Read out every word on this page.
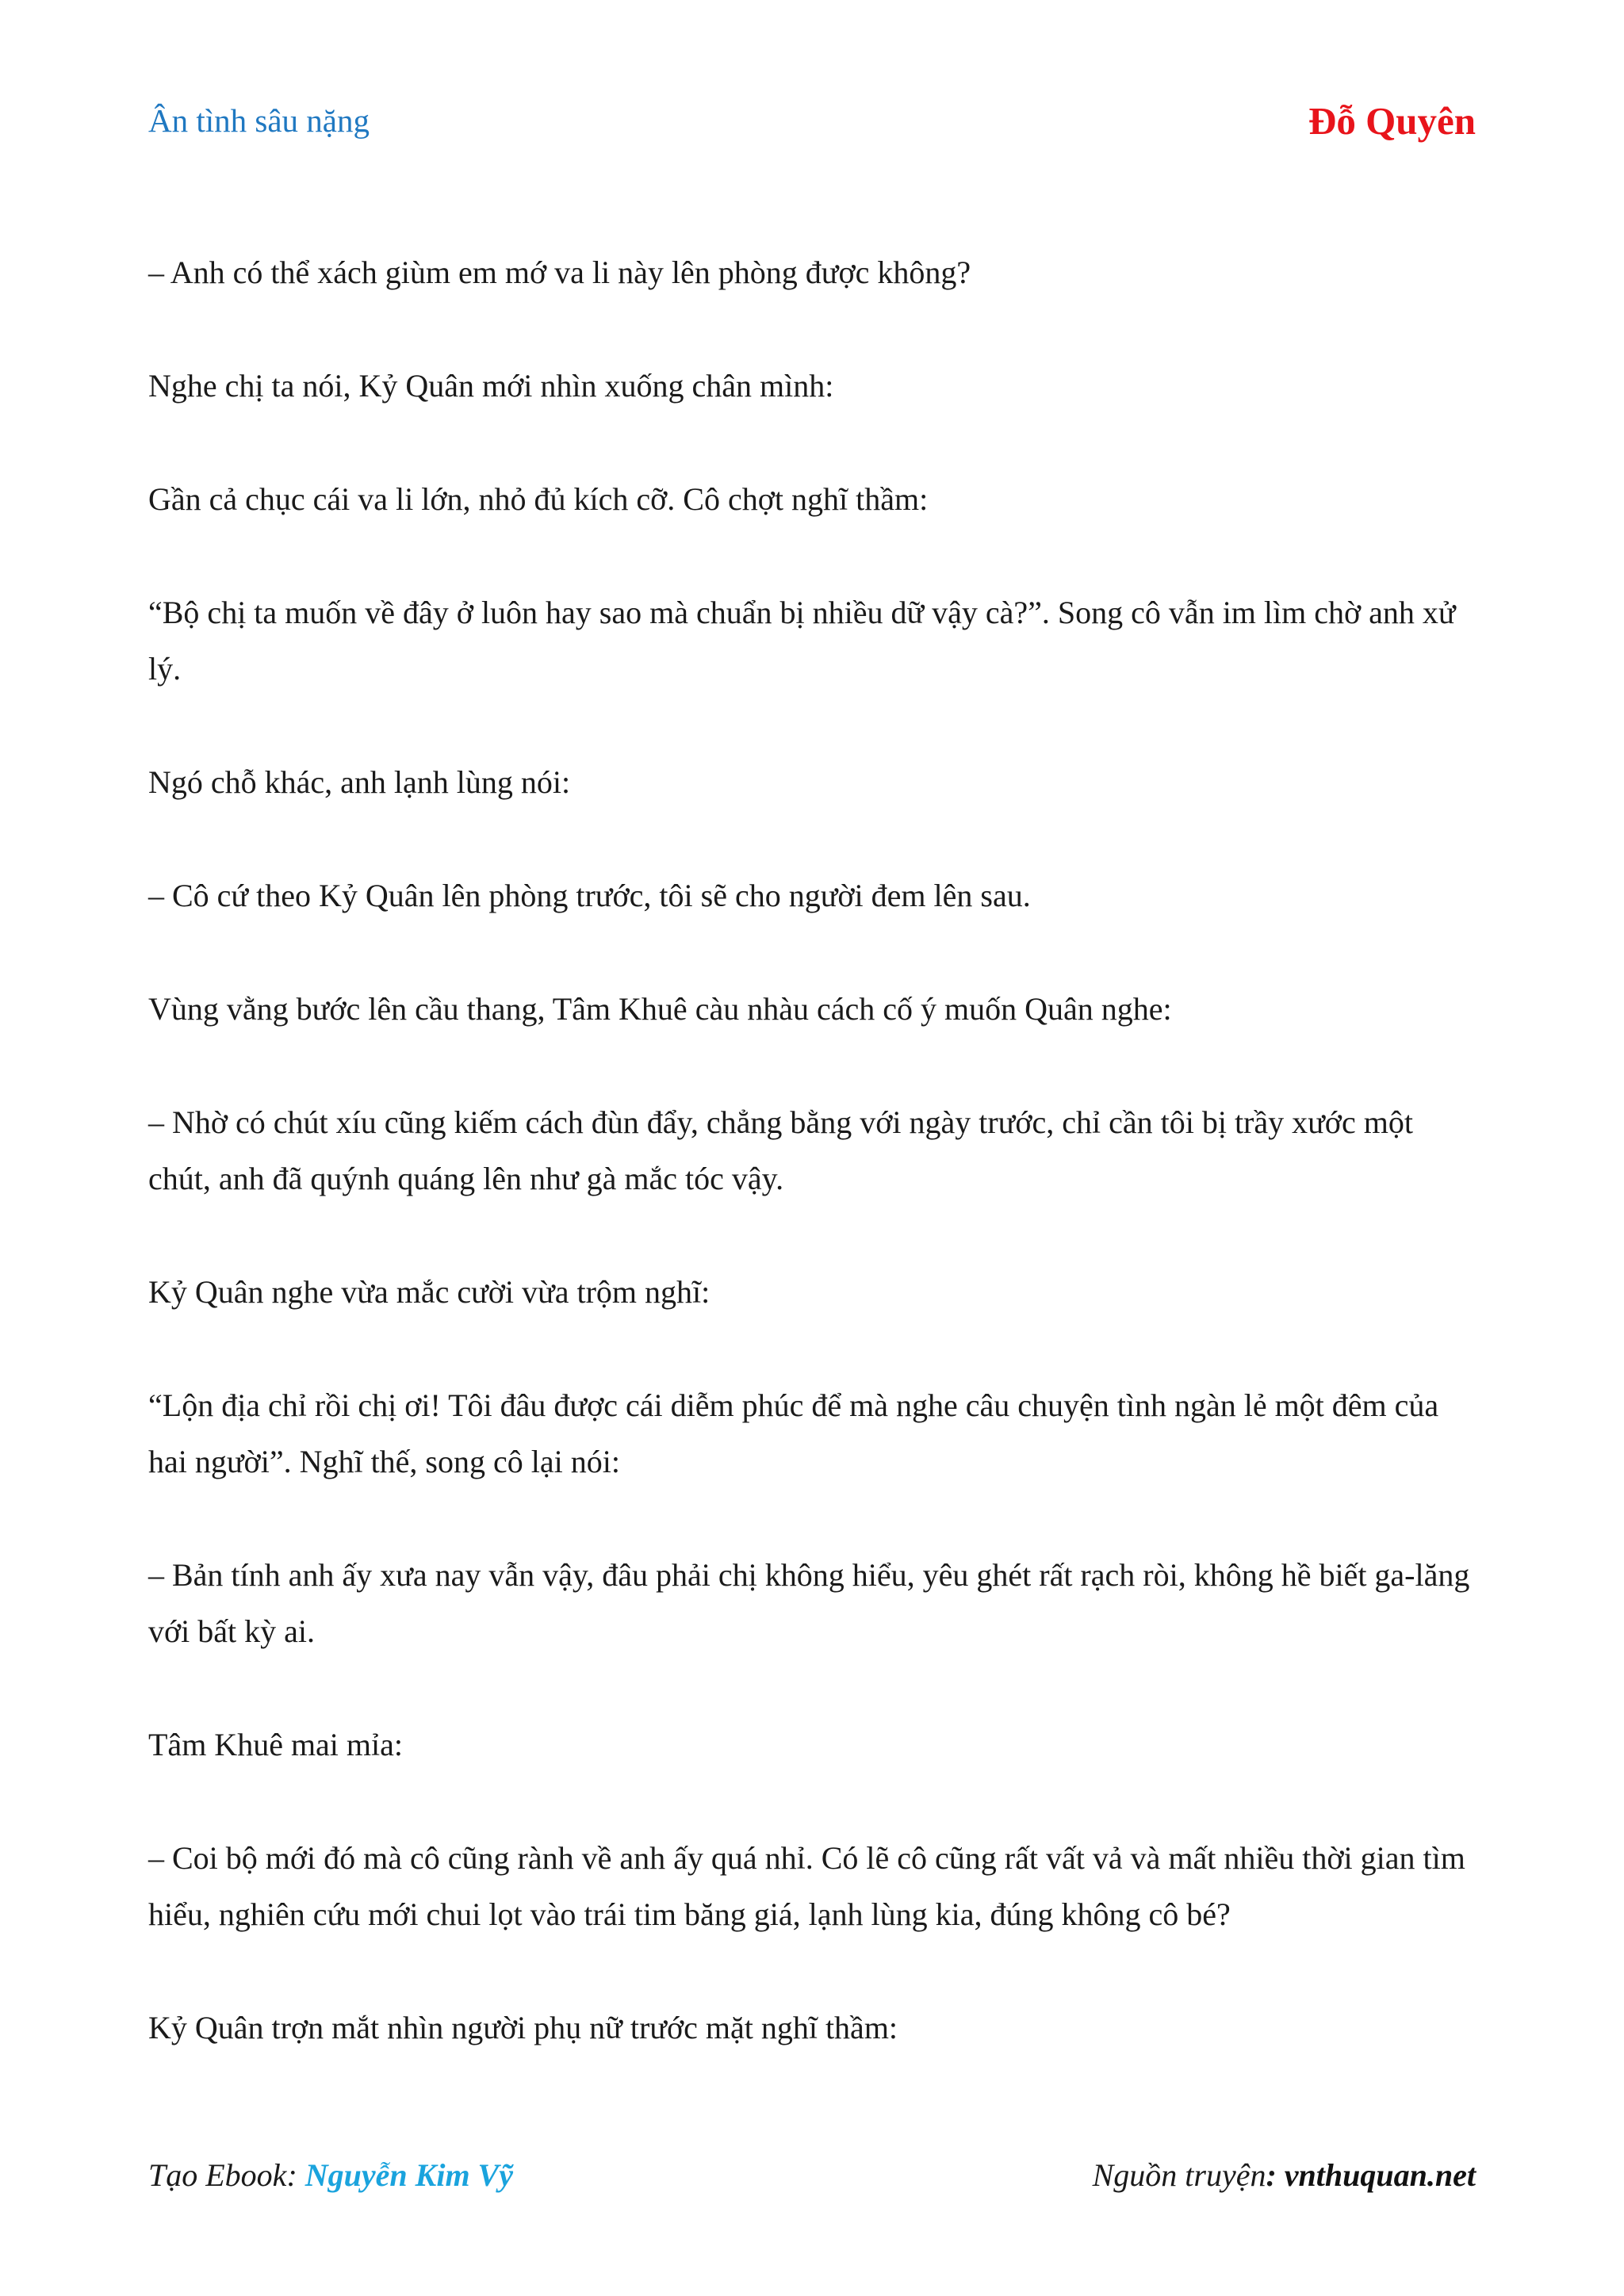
Ân tình sâu nặng	Đỗ Quyên

– Anh có thể xách giùm em mớ va li này lên phòng được không?

Nghe chị ta nói, Kỷ Quân mới nhìn xuống chân mình:

Gần cả chục cái va li lớn, nhỏ đủ kích cỡ. Cô chợt nghĩ thầm:

“Bộ chị ta muốn về đây ở luôn hay sao mà chuẩn bị nhiều dữ vậy cà?”. Song cô vẫn im lìm chờ anh xử lý.

Ngó chỗ khác, anh lạnh lùng nói:

– Cô cứ theo Kỷ Quân lên phòng trước, tôi sẽ cho người đem lên sau.

Vùng vằng bước lên cầu thang, Tâm Khuê càu nhàu cách cố ý muốn Quân nghe:

– Nhờ có chút xíu cũng kiếm cách đùn đẩy, chẳng bằng với ngày trước, chỉ cần tôi bị trầy xước một chút, anh đã quýnh quáng lên như gà mắc tóc vậy.

Kỷ Quân nghe vừa mắc cười vừa trộm nghĩ:

“Lộn địa chỉ rồi chị ơi! Tôi đâu được cái diễm phúc để mà nghe câu chuyện tình ngàn lẻ một đêm của hai người”. Nghĩ thế, song cô lại nói:

– Bản tính anh ấy xưa nay vẫn vậy, đâu phải chị không hiểu, yêu ghét rất rạch ròi, không hề biết ga-lăng với bất kỳ ai.

Tâm Khuê mai mỉa:

– Coi bộ mới đó mà cô cũng rành về anh ấy quá nhỉ. Có lẽ cô cũng rất vất vả và mất nhiều thời gian tìm hiểu, nghiên cứu mới chui lọt vào trái tim băng giá, lạnh lùng kia, đúng không cô bé?

Kỷ Quân trợn mắt nhìn người phụ nữ trước mặt nghĩ thầm:

Tạo Ebook: Nguyễn Kim Vỹ	Nguồn truyện: vnthuquan.net
